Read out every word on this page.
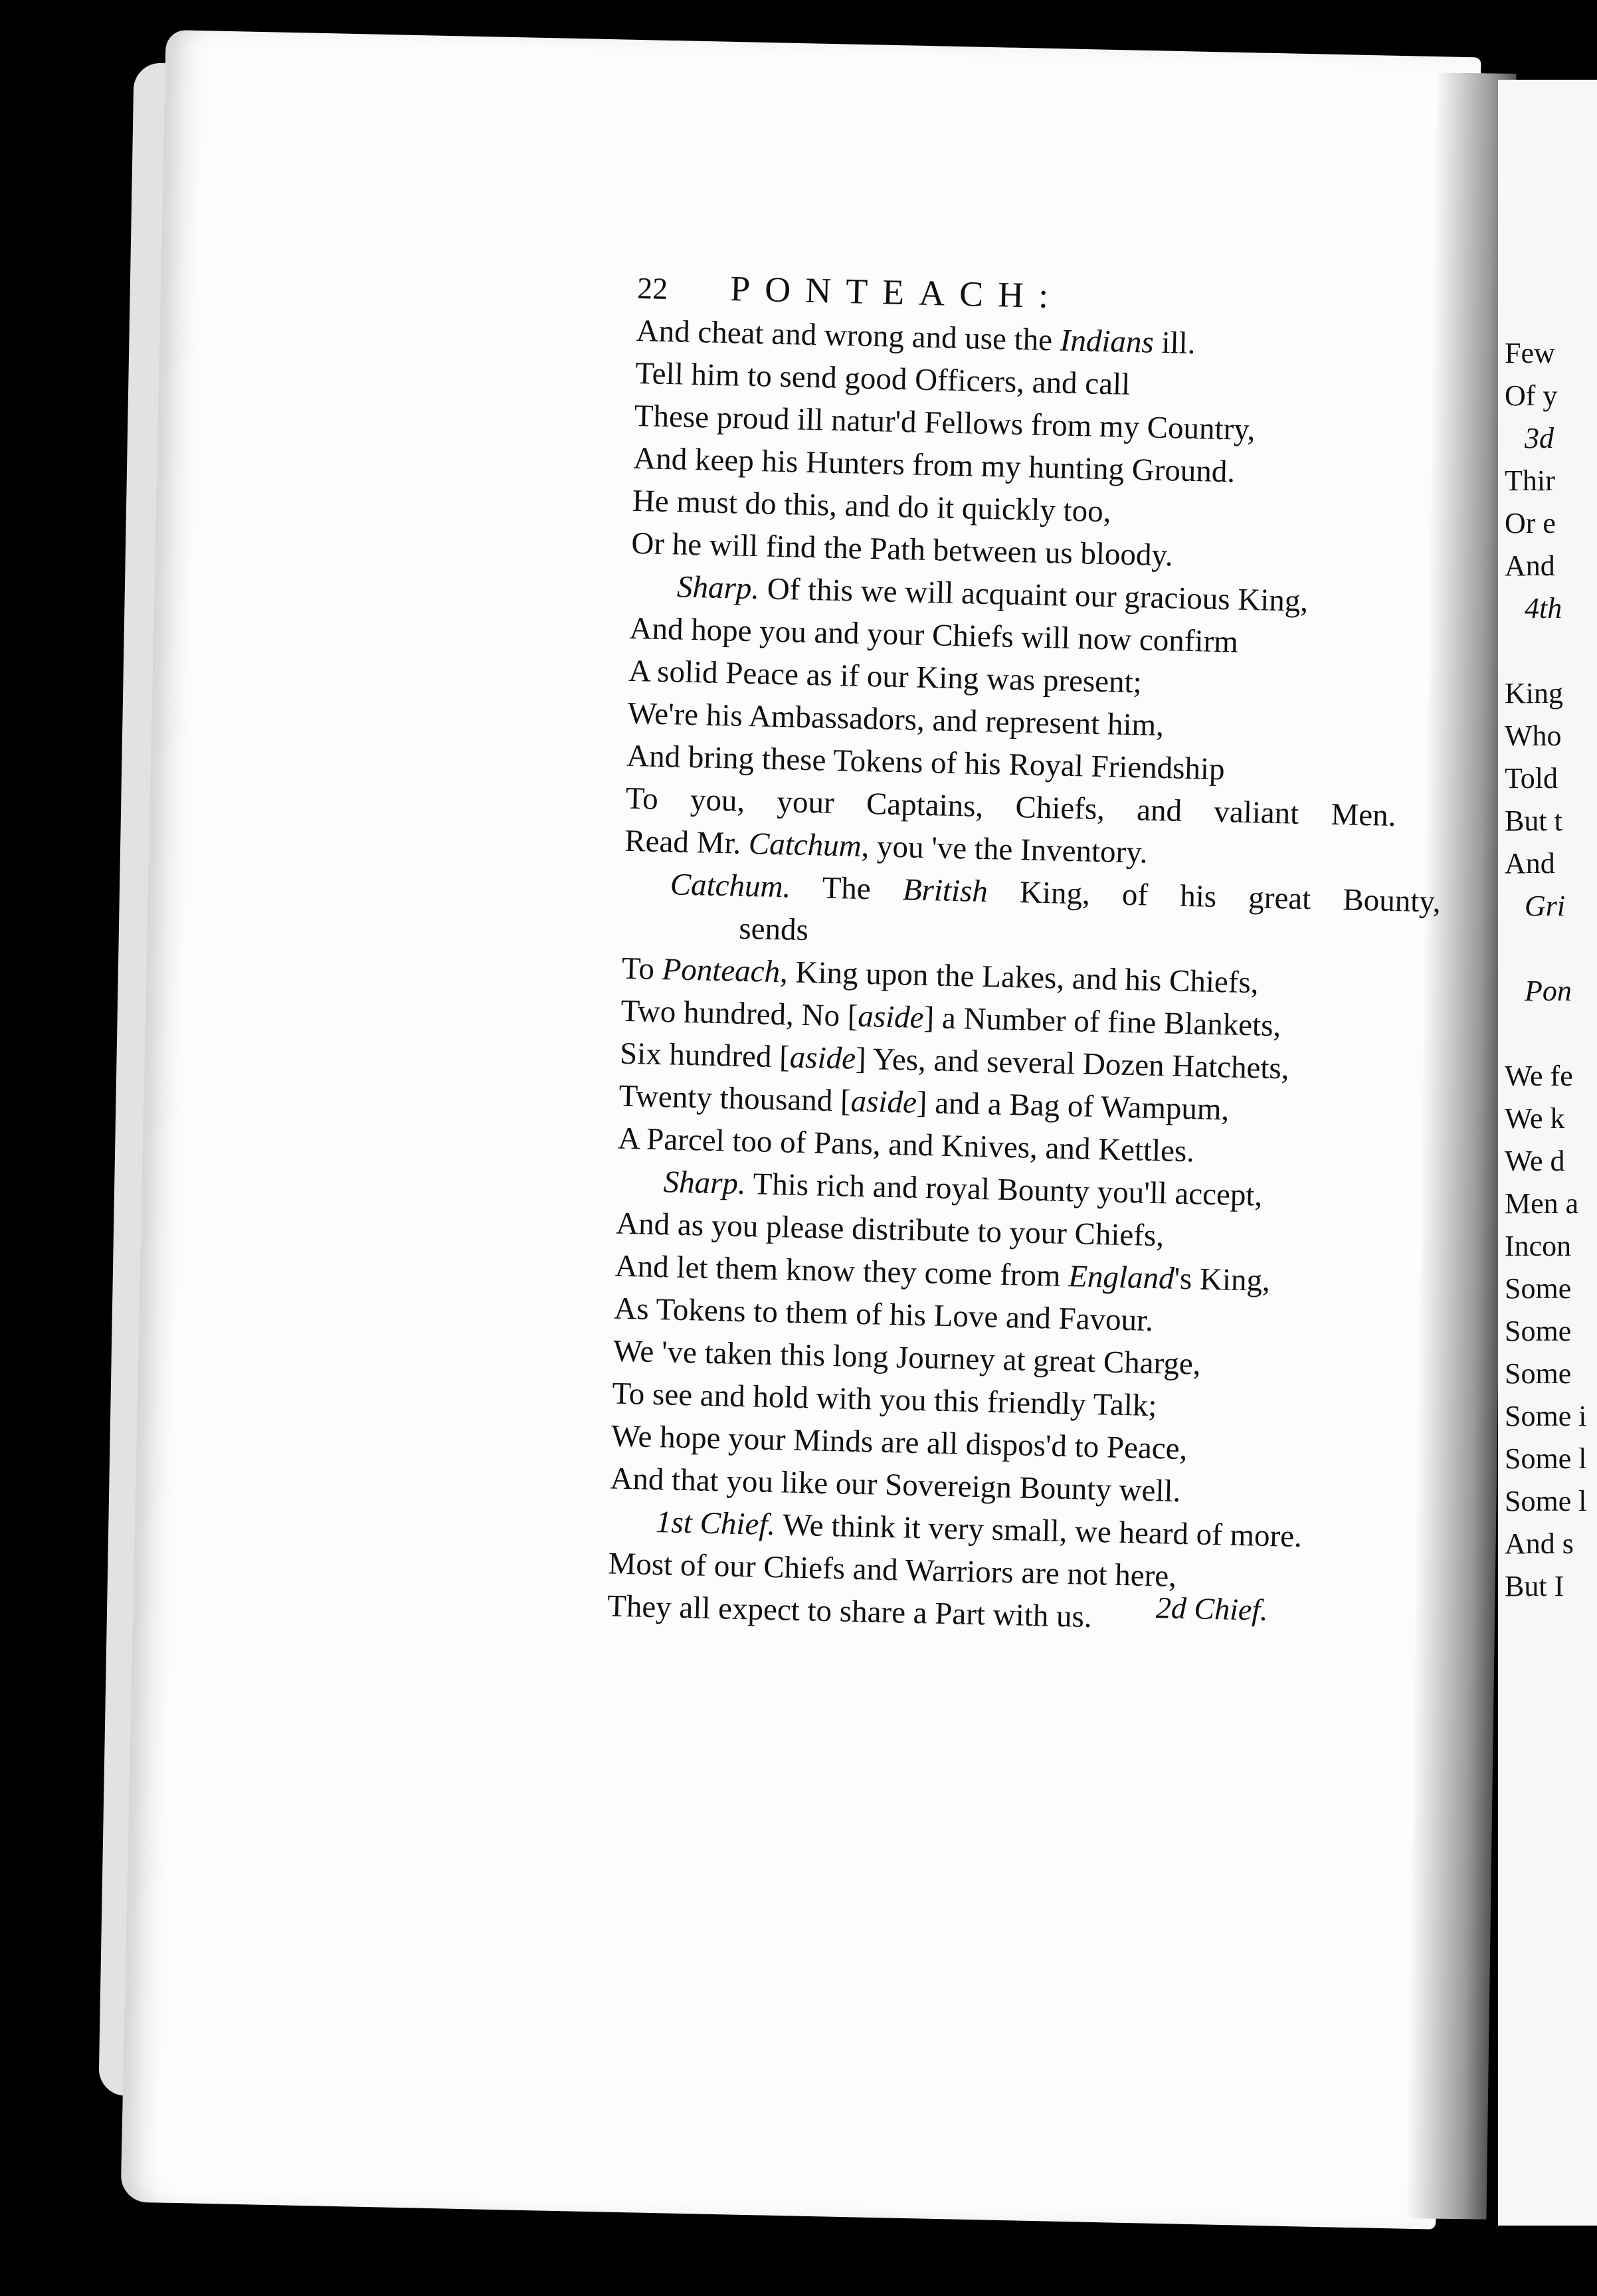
22	PONTEACH:
And cheat and wrong and use the Indians ill.
Tell him to send good Officers, and call
These proud ill natur'd Fellows from my Country,
And keep his Hunters from my hunting Ground.
He must do this, and do it quickly too,
Or he will find the Path between us bloody.
Sharp. Of this we will acquaint our gracious King,
And hope you and your Chiefs will now confirm
A solid Peace as if our King was present;
We're his Ambassadors, and represent him,
And bring these Tokens of his Royal Friendship
To you, your Captains, Chiefs, and valiant Men.
Read Mr. Catchum, you 've the Inventory.
Catchum. The British King, of his great Bounty,
sends
To Ponteach, King upon the Lakes, and his Chiefs,
Two hundred, No [aside] a Number of fine Blankets,
Six hundred [aside] Yes, and several Dozen Hatchets,
Twenty thousand [aside] and a Bag of Wampum,
A Parcel too of Pans, and Knives, and Kettles.
Sharp. This rich and royal Bounty you'll accept,
And as you please distribute to your Chiefs,
And let them know they come from England's King,
As Tokens to them of his Love and Favour.
We 've taken this long Journey at great Charge,
To see and hold with you this friendly Talk;
We hope your Minds are all dispos'd to Peace,
And that you like our Sovereign Bounty well.
1st Chief. We think it very small, we heard of more.
Most of our Chiefs and Warriors are not here,
They all expect to share a Part with us.	2d Chief.
Few
Of y
3d
Thir
Or e
And
4th
King
Who
Told
But t
And
Gri
Pon
We fe
We k
We d
Men a
Incon
Some
Some
Some
Some i
Some l
Some l
And s
But I
